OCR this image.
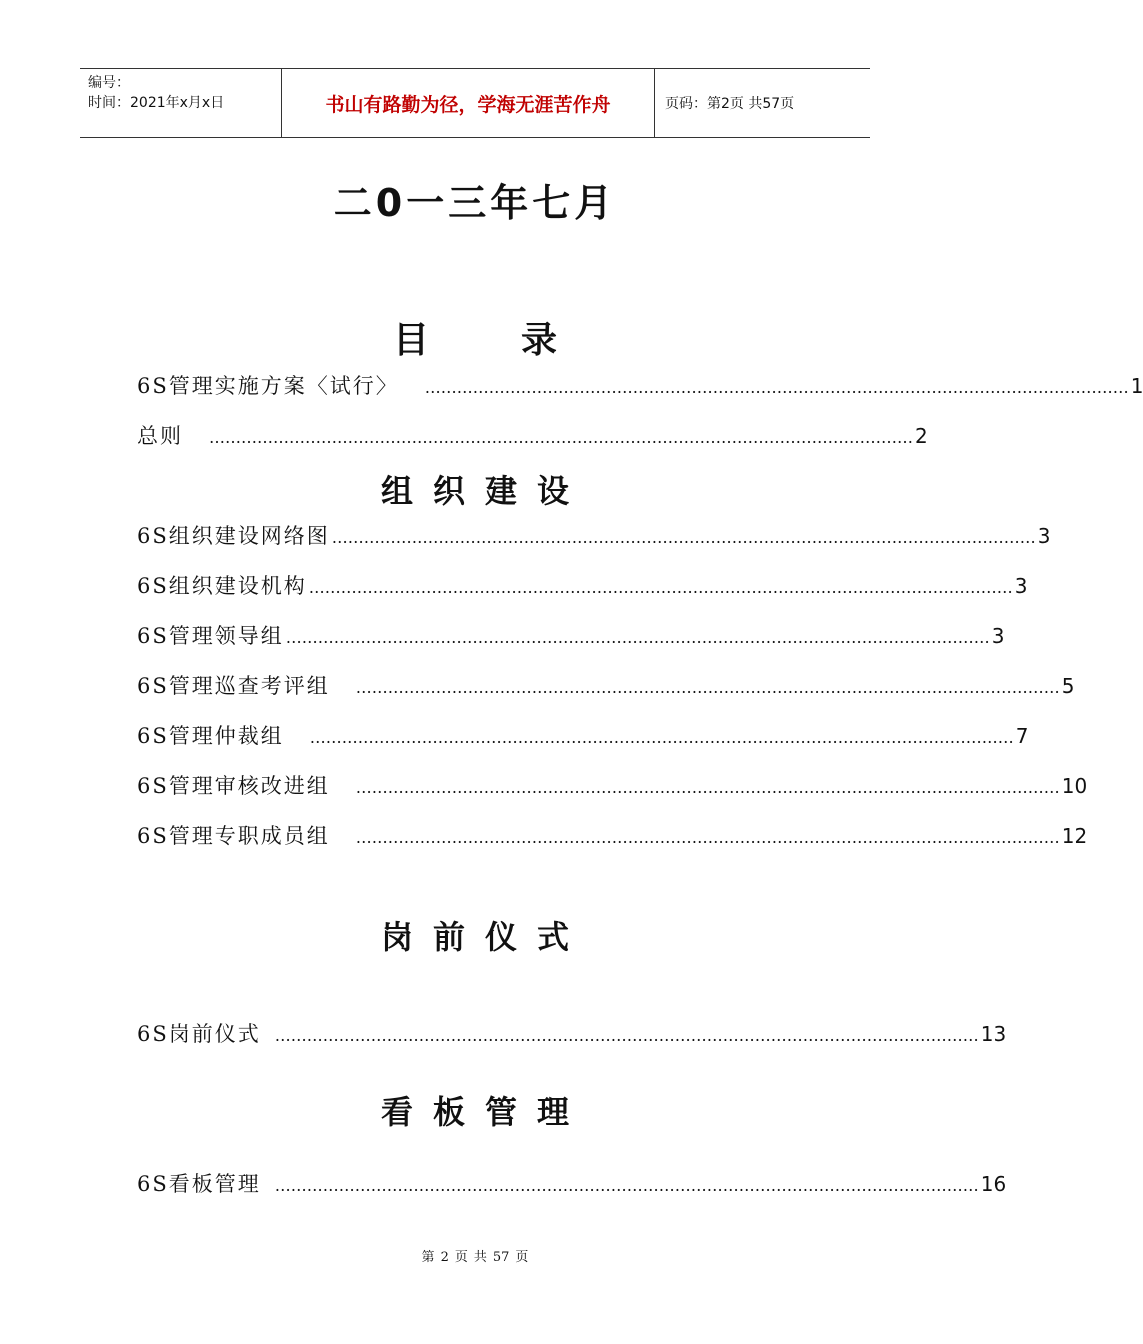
编号：
时间：2021年x月x日	书山有路勤为径，学海无涯苦作舟	页码：第2页 共57页
二0一三年七月
目	录
6S管理实施方案〈试行〉 …………………………………………………………………………………………………………………… 1
总则 …………………………………………………………………………………………………………………… 2
组织建设
6S组织建设网络图 …………………………………………………………………………………………………………………… 3
6S组织建设机构 …………………………………………………………………………………………………………………… 3
6S管理领导组 …………………………………………………………………………………………………………………… 3
6S管理巡查考评组 …………………………………………………………………………………………………………………… 5
6S管理仲裁组 …………………………………………………………………………………………………………………… 7
6S管理审核改进组 …………………………………………………………………………………………………………………… 10
6S管理专职成员组 …………………………………………………………………………………………………………………… 12
岗前仪式
6S岗前仪式 …………………………………………………………………………………………………………………… 13
看板管理
6S看板管理 …………………………………………………………………………………………………………………… 16
第 2 页 共 57 页
